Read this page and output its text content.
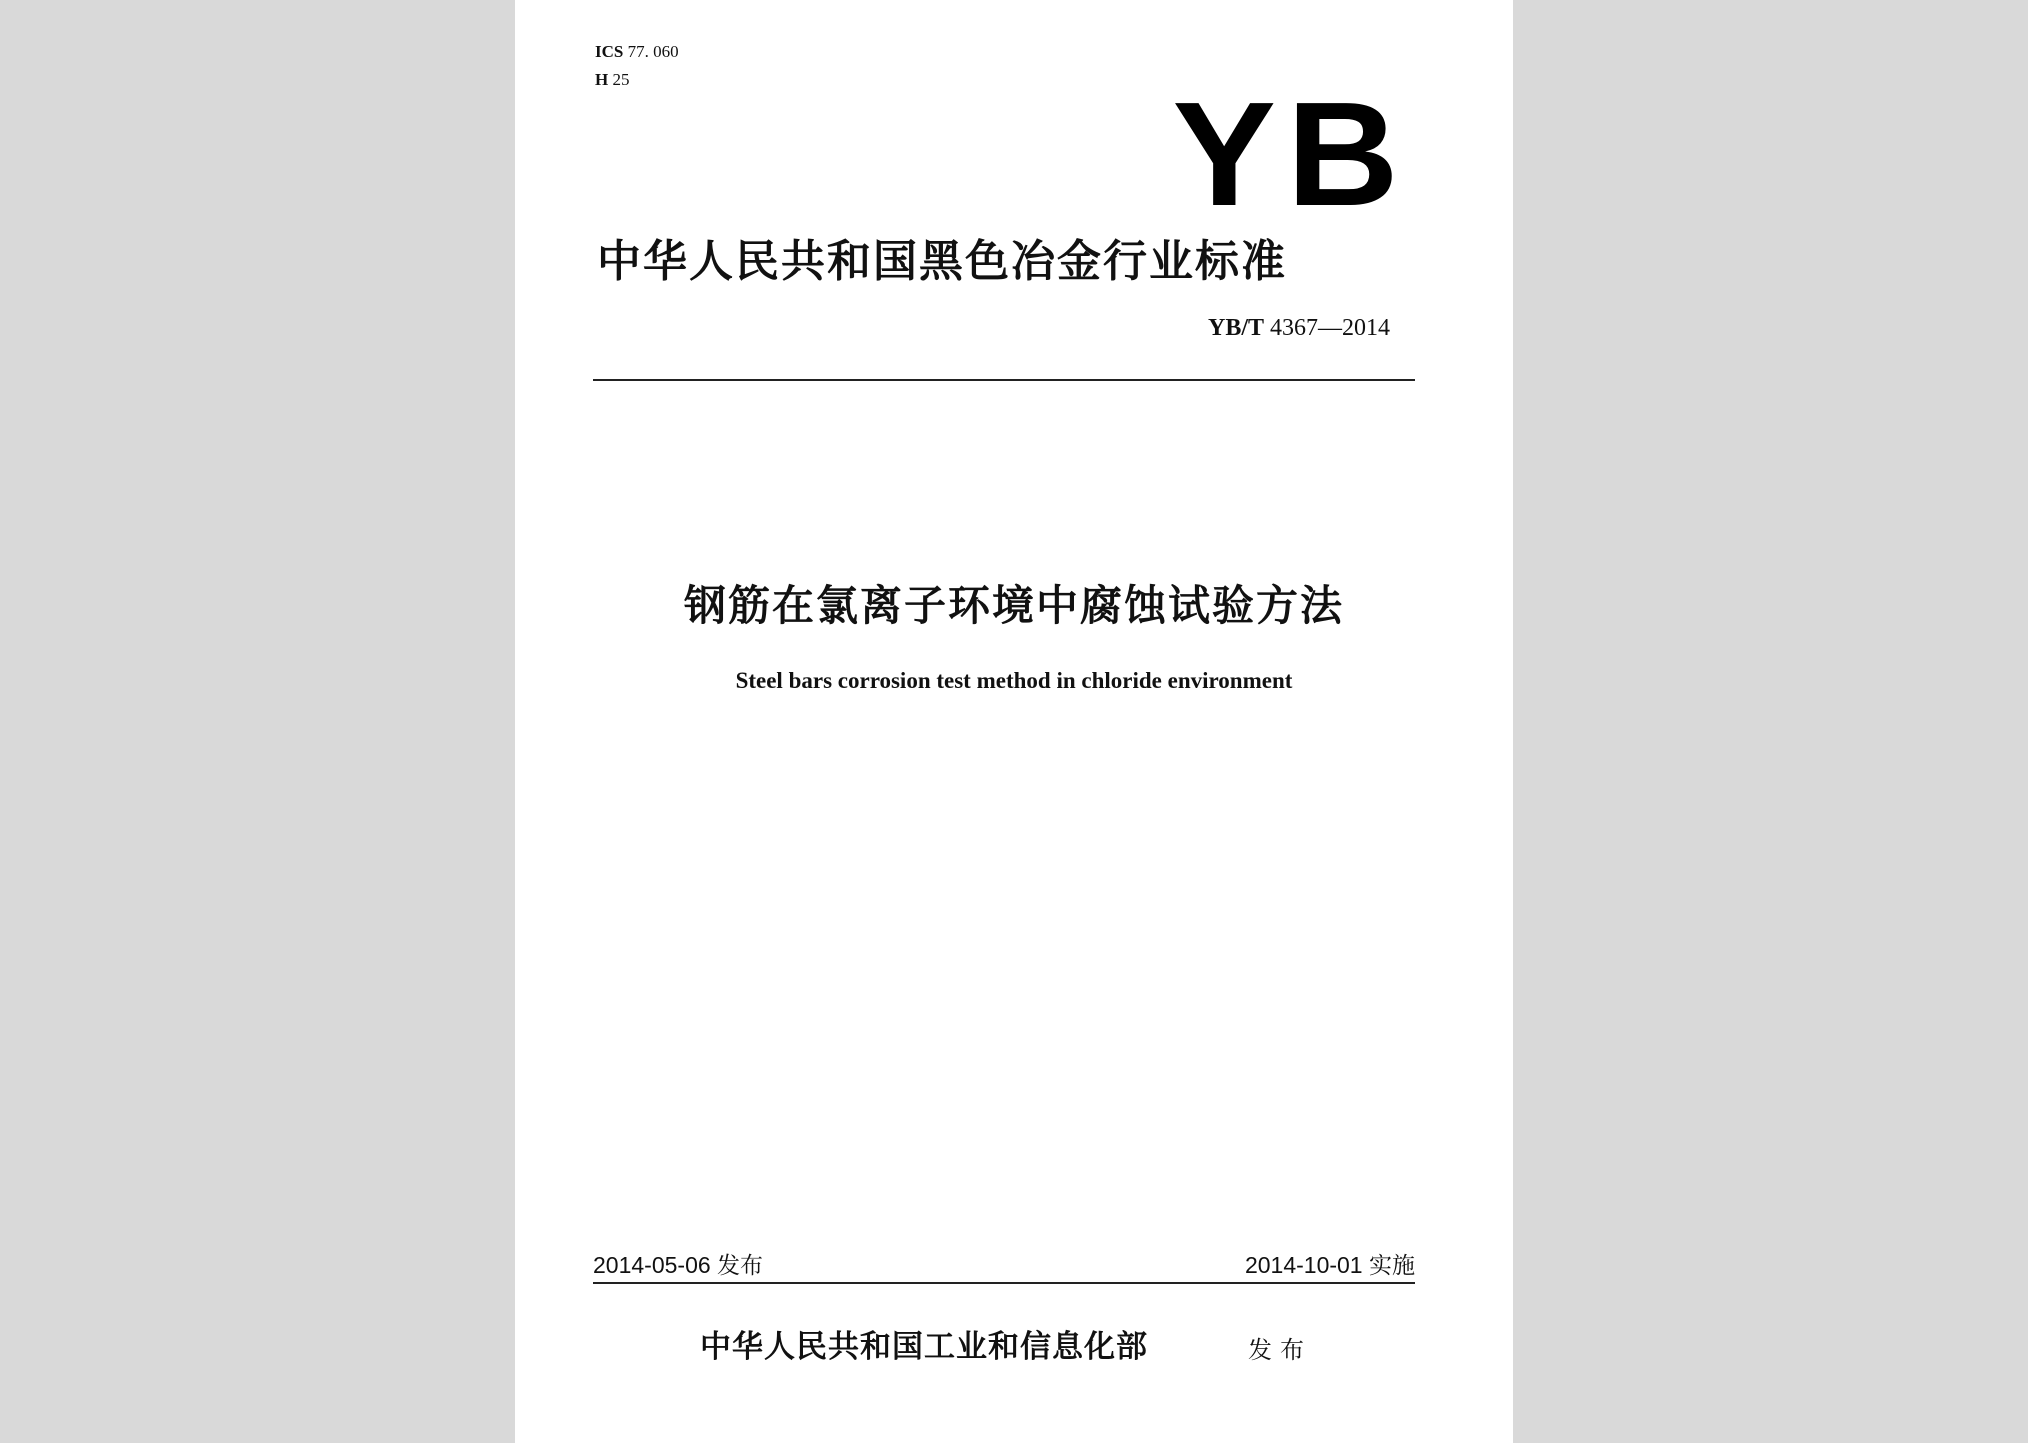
ICS 77. 060
H 25	YB
中华人民共和国黑色冶金行业标准
YB/T 4367—2014
钢筋在氯离子环境中腐蚀试验方法
Steel bars corrosion test method in chloride environment
2014-05-06 发布	2014-10-01 实施
中华人民共和国工业和信息化部	发布
